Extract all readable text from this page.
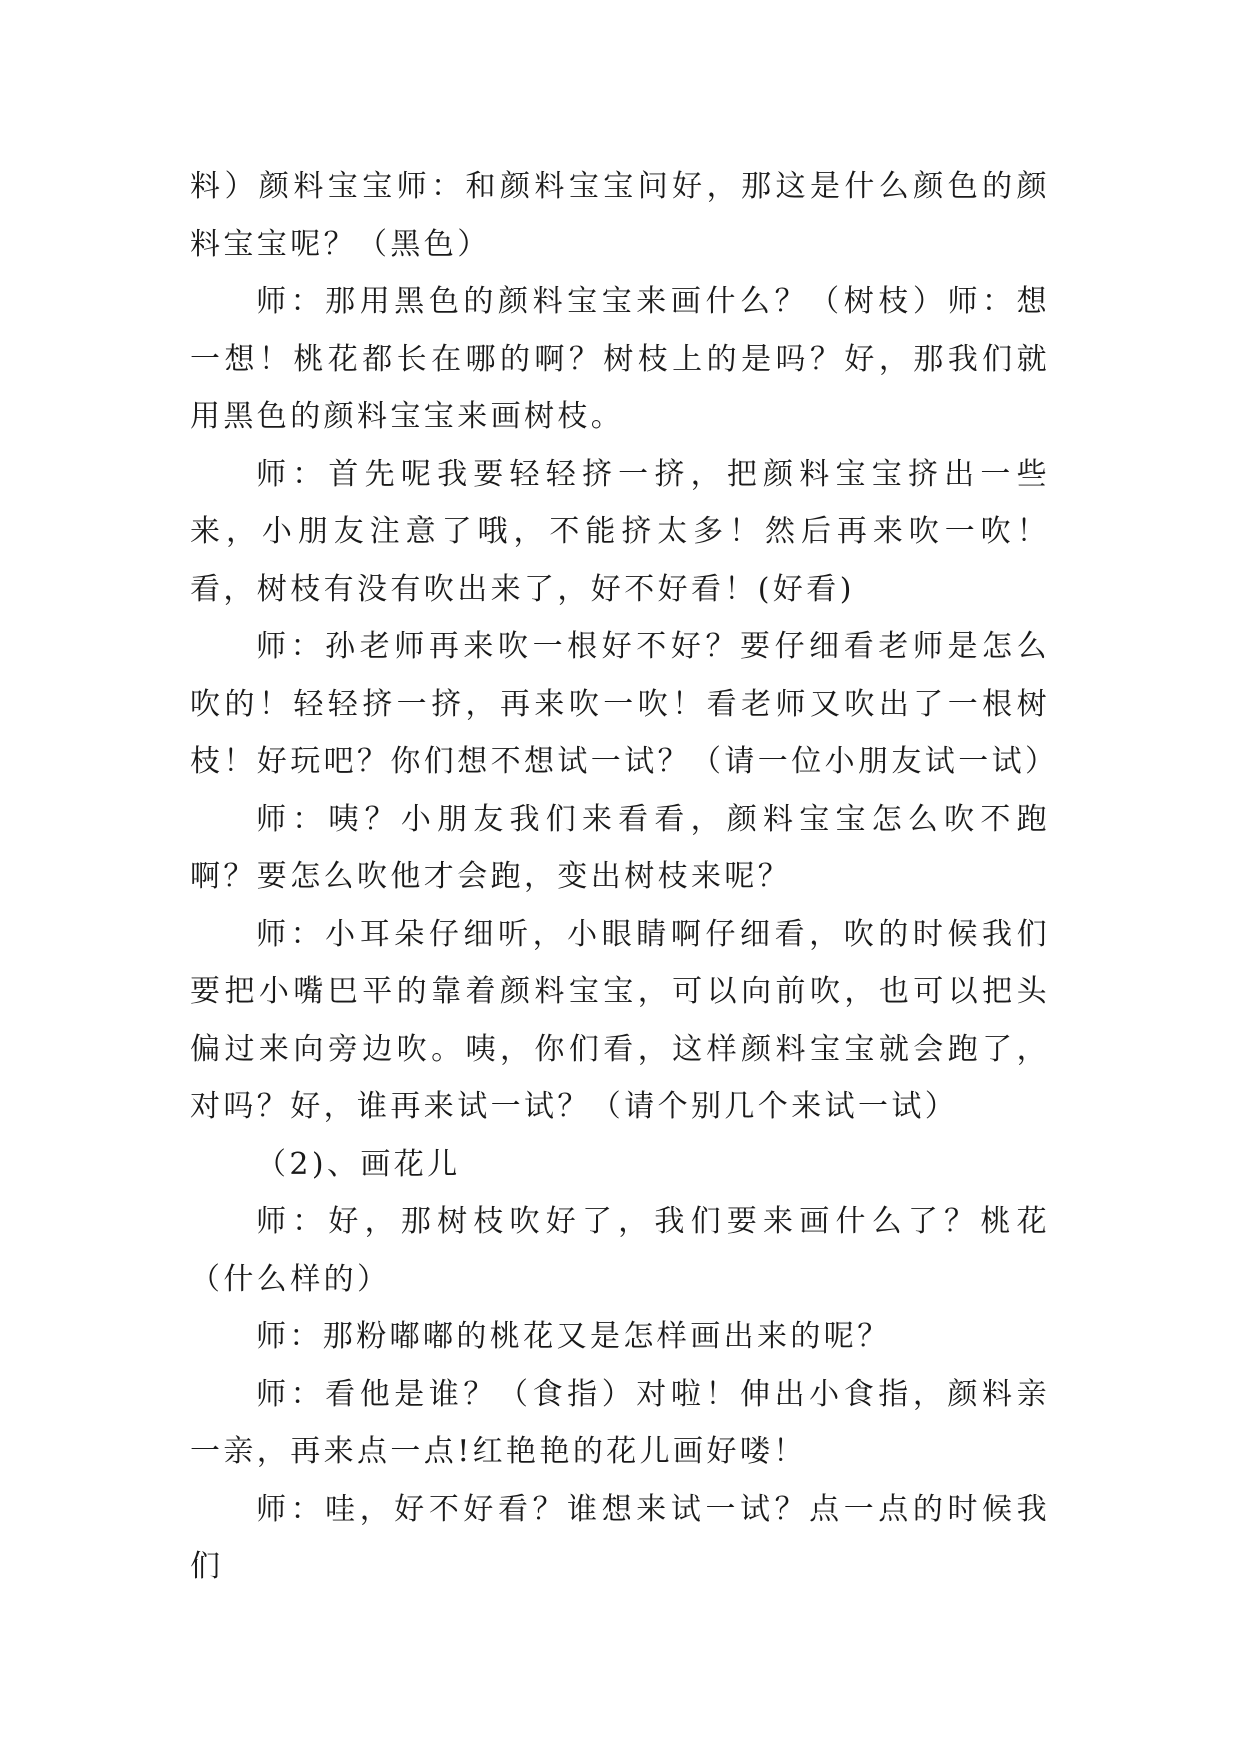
料）颜料宝宝师：和颜料宝宝问好，那这是什么颜色的颜料宝宝呢？（黑色）

师：那用黑色的颜料宝宝来画什么？（树枝）师：想一想！桃花都长在哪的啊？树枝上的是吗？好，那我们就用黑色的颜料宝宝来画树枝。

师：首先呢我要轻轻挤一挤，把颜料宝宝挤出一些来，小朋友注意了哦，不能挤太多！然后再来吹一吹！看，树枝有没有吹出来了，好不好看！(好看)

师：孙老师再来吹一根好不好？要仔细看老师是怎么吹的！轻轻挤一挤，再来吹一吹！看老师又吹出了一根树枝！好玩吧？你们想不想试一试？（请一位小朋友试一试）

师：咦？小朋友我们来看看，颜料宝宝怎么吹不跑啊？要怎么吹他才会跑，变出树枝来呢？

师：小耳朵仔细听，小眼睛啊仔细看，吹的时候我们要把小嘴巴平的靠着颜料宝宝，可以向前吹，也可以把头偏过来向旁边吹。咦，你们看，这样颜料宝宝就会跑了，对吗？好，谁再来试一试？（请个别几个来试一试）

（2)、画花儿

师：好，那树枝吹好了，我们要来画什么了？桃花（什么样的）

师：那粉嘟嘟的桃花又是怎样画出来的呢？

师：看他是谁？（食指）对啦！伸出小食指，颜料亲一亲，再来点一点!红艳艳的花儿画好喽！

师：哇，好不好看？谁想来试一试？点一点的时候我们
